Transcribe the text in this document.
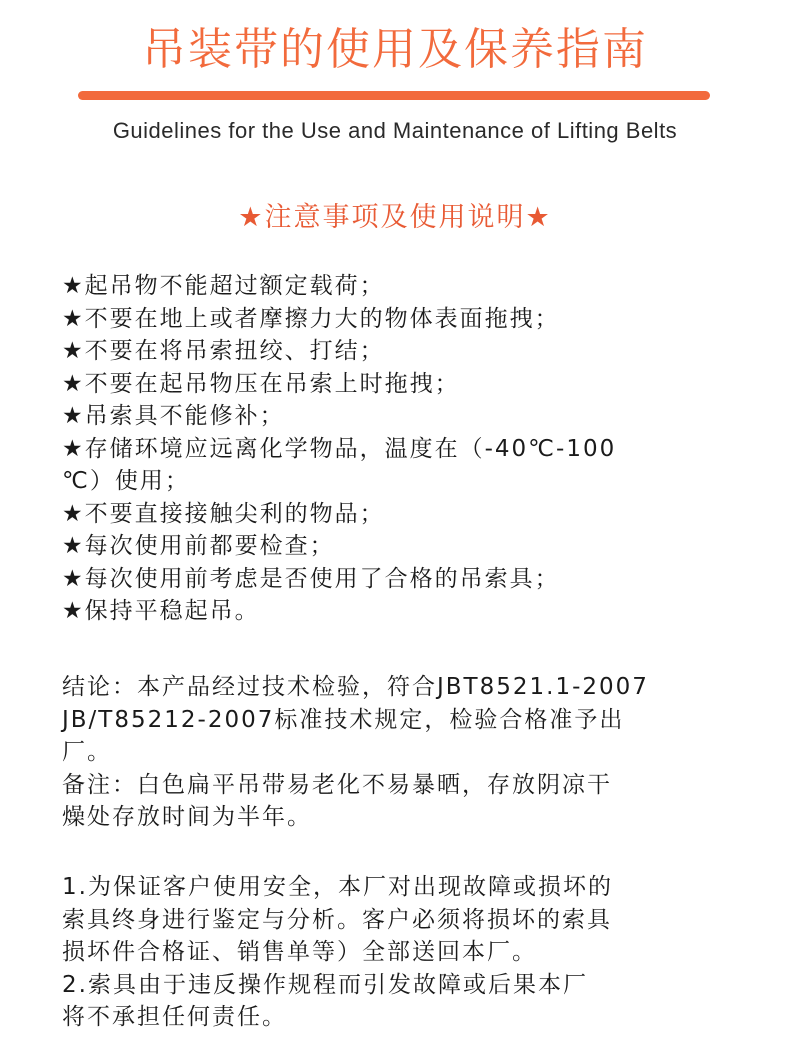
吊装带的使用及保养指南
Guidelines for the Use and Maintenance of Lifting Belts
★注意事项及使用说明★
★起吊物不能超过额定载荷；
★不要在地上或者摩擦力大的物体表面拖拽；
★不要在将吊索扭绞、打结；
★不要在起吊物压在吊索上时拖拽；
★吊索具不能修补；
★存储环境应远离化学物品，温度在（-40℃-100
℃）使用；
★不要直接接触尖利的物品；
★每次使用前都要检查；
★每次使用前考虑是否使用了合格的吊索具；
★保持平稳起吊。
结论：本产品经过技术检验，符合JBT8521.1-2007
JB/T85212-2007标准技术规定，检验合格准予出
厂。
备注：白色扁平吊带易老化不易暴晒，存放阴凉干
燥处存放时间为半年。
1.为保证客户使用安全，本厂对出现故障或损坏的
索具终身进行鉴定与分析。客户必须将损坏的索具
损坏件合格证、销售单等）全部送回本厂。
2.索具由于违反操作规程而引发故障或后果本厂
将不承担任何责任。
